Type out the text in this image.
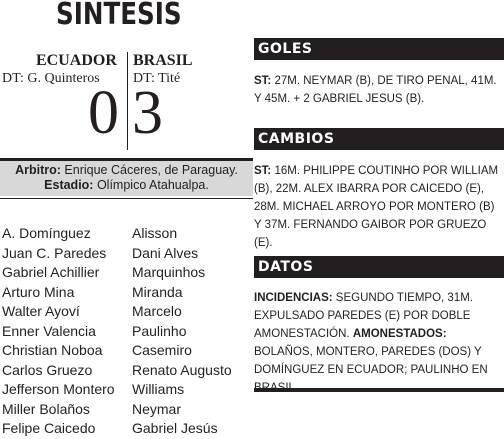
SINTESIS
ECUADOR BRASIL
DT: G. Quinteros DT: Tité
0 3
Arbitro: Enrique Cáceres, de Paraguay.
Estadio: Olímpico Atahualpa.
A. Domínguez
Juan C. Paredes
Gabriel Achillier
Arturo Mina
Walter Ayoví
Enner Valencia
Christian Noboa
Carlos Gruezo
Jefferson Montero
Miller Bolaños
Felipe Caicedo
Alisson
Dani Alves
Marquinhos
Miranda
Marcelo
Paulinho
Casemiro
Renato Augusto
Williams
Neymar
Gabriel Jesús
GOLES
ST: 27M. NEYMAR (B), DE TIRO PENAL, 41M. Y 45M. + 2 GABRIEL JESUS (B).
CAMBIOS
ST: 16M. PHILIPPE COUTINHO POR WILLIAM (B), 22M. ALEX IBARRA POR CAICEDO (E), 28M. MICHAEL ARROYO POR MONTERO (B) Y 37M. FERNANDO GAIBOR POR GRUEZO (E).
DATOS
INCIDENCIAS: SEGUNDO TIEMPO, 31M. EXPULSADO PAREDES (E) POR DOBLE AMONESTACIÓN. AMONESTADOS: BOLAÑOS, MONTERO, PAREDES (DOS) Y DOMÍNGUEZ EN ECUADOR; PAULINHO EN
